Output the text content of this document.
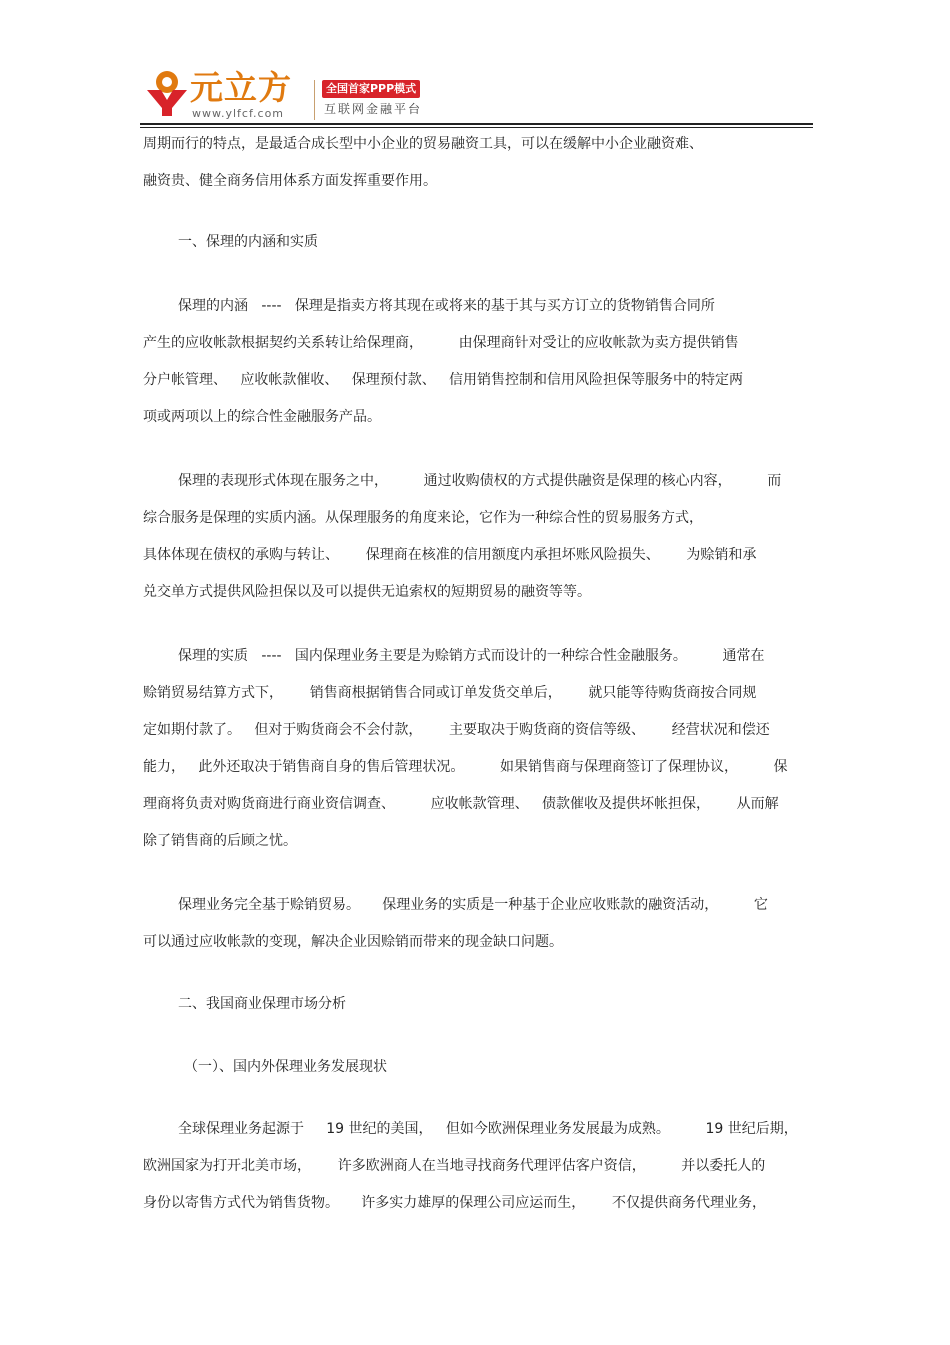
元立方
www.ylfcf.com
全国首家PPP模式
互联网金融平台

周期而行的特点，是最适合成长型中小企业的贸易融资工具，可以在缓解中小企业融资难、

融资贵、健全商务信用体系方面发挥重要作用。

一、保理的内涵和实质

保理的内涵   ----   保理是指卖方将其现在或将来的基于其与买方订立的货物销售合同所

产生的应收帐款根据契约关系转让给保理商，        由保理商针对受让的应收帐款为卖方提供销售

分户帐管理、   应收帐款催收、   保理预付款、   信用销售控制和信用风险担保等服务中的特定两

项或两项以上的综合性金融服务产品。

保理的表现形式体现在服务之中，        通过收购债权的方式提供融资是保理的核心内容，        而

综合服务是保理的实质内涵。从保理服务的角度来论，它作为一种综合性的贸易服务方式，

具体体现在债权的承购与转让、      保理商在核准的信用额度内承担坏账风险损失、      为赊销和承

兑交单方式提供风险担保以及可以提供无追索权的短期贸易的融资等等。

保理的实质   ----   国内保理业务主要是为赊销方式而设计的一种综合性金融服务。        通常在

赊销贸易结算方式下，      销售商根据销售合同或订单发货交单后，      就只能等待购货商按合同规

定如期付款了。   但对于购货商会不会付款，      主要取决于购货商的资信等级、      经营状况和偿还

能力，   此外还取决于销售商自身的售后管理状况。        如果销售商与保理商签订了保理协议，        保

理商将负责对购货商进行商业资信调查、        应收帐款管理、   债款催收及提供坏帐担保，      从而解

除了销售商的后顾之忧。

保理业务完全基于赊销贸易。     保理业务的实质是一种基于企业应收账款的融资活动，        它

可以通过应收帐款的变现，解决企业因赊销而带来的现金缺口问题。

二、我国商业保理市场分析

（一）、国内外保理业务发展现状

全球保理业务起源于     19 世纪的美国，   但如今欧洲保理业务发展最为成熟。        19 世纪后期，

欧洲国家为打开北美市场，      许多欧洲商人在当地寻找商务代理评估客户资信，        并以委托人的

身份以寄售方式代为销售货物。     许多实力雄厚的保理公司应运而生，      不仅提供商务代理业务，
